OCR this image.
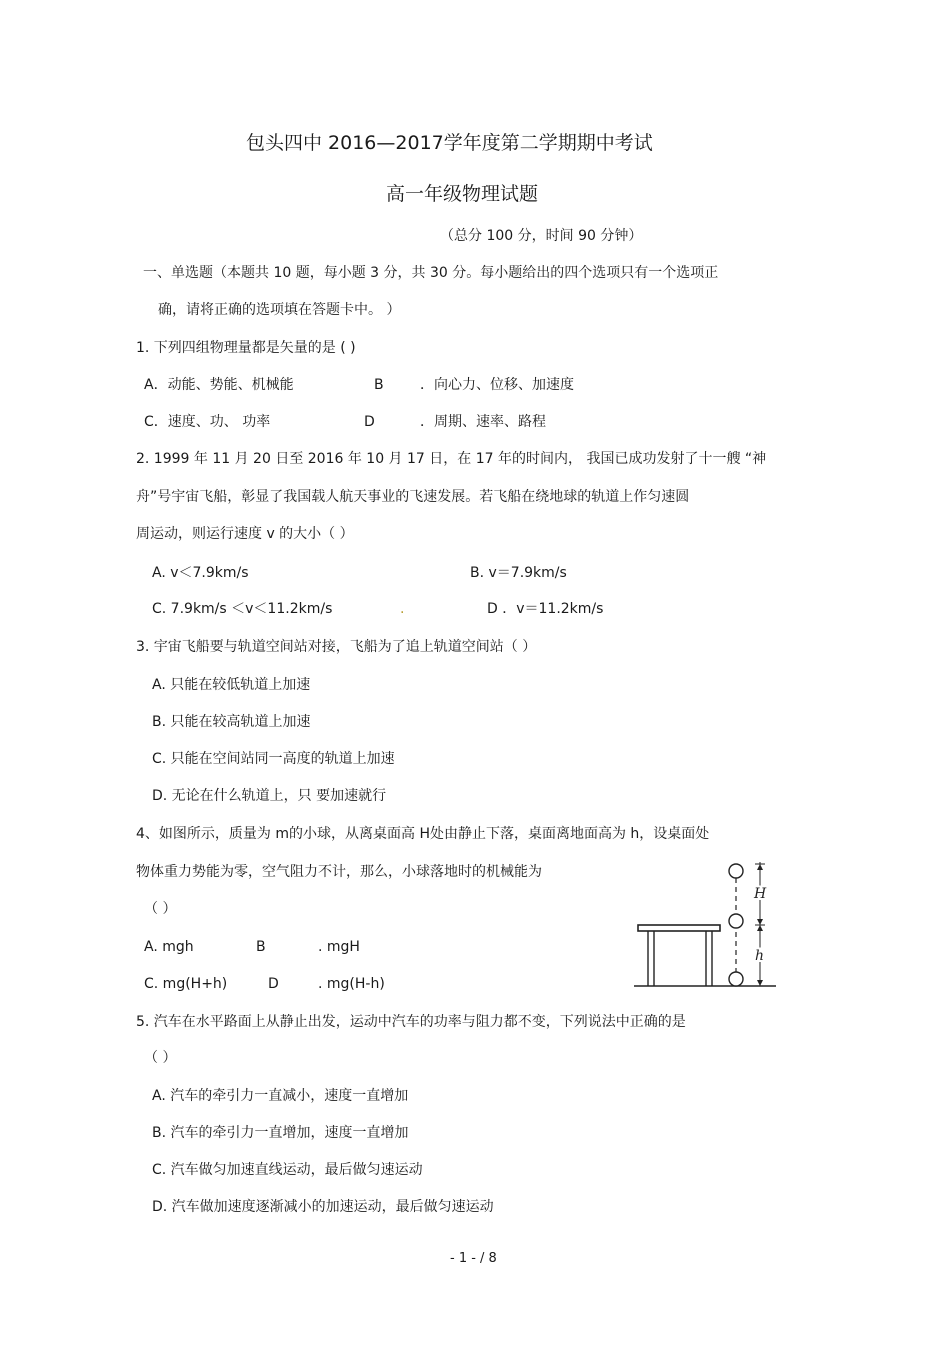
包头四中 2016—2017学年度第二学期期中考试
高一年级物理试题
（总分 100 分，时间 90 分钟）
一、单选题（本题共 10 题，每小题 3 分，共 30 分。每小题给出的四个选项只有一个选项正
确，请将正确的选项填在答题卡中。 ）
1. 下列四组物理量都是矢量的是 ( )
A．动能、势能、机械能	B	．向心力、位移、加速度
C．速度、功、 功率	D	．周期、速率、路程
2. 1999 年 11 月 20 日至 2016 年 10 月 17 日，在 17 年的时间内， 我国已成功发射了十一艘 “神
舟”号宇宙飞船，彰显了我国载人航天事业的飞速发展。若飞船在绕地球的轨道上作匀速圆
周运动，则运行速度 v 的大小（ ）
A. v＜7.9km/s	B. v＝7.9km/s
C. 7.9km/s ＜v＜11.2km/s	.	D ．v＝11.2km/s
3. 宇宙飞船要与轨道空间站对接，飞船为了追上轨道空间站（ ）
A. 只能在较低轨道上加速
B. 只能在较高轨道上加速
C. 只能在空间站同一高度的轨道上加速
D. 无论在什么轨道上，只 要加速就行
4、如图所示，质量为 m的小球，从离桌面高 H处由静止下落，桌面离地面高为 h，设桌面处
物体重力势能为零，空气阻力不计，那么，小球落地时的机械能为
（ ）
A. mgh	B	. mgH
C. mg(H+h)	D	. mg(H-h)
H
h
5. 汽车在水平路面上从静止出发，运动中汽车的功率与阻力都不变，下列说法中正确的是
（ ）
A. 汽车的牵引力一直减小，速度一直增加
B. 汽车的牵引力一直增加，速度一直增加
C. 汽车做匀加速直线运动，最后做匀速运动
D. 汽车做加速度逐渐减小的加速运动，最后做匀速运动
- 1 - / 8
